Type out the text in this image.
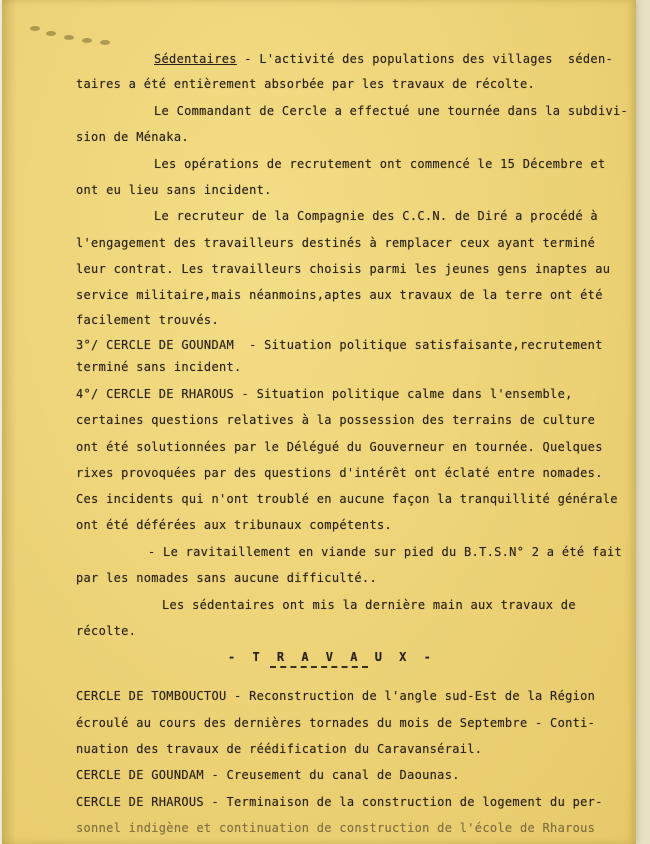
Sédentaires - L'activité des populations des villages  séden-
taires a été entièrement absorbée par les travaux de récolte.
Le Commandant de Cercle a effectué une tournée dans la subdivi-
sion de Ménaka.
Les opérations de recrutement ont commencé le 15 Décembre et
ont eu lieu sans incident.
Le recruteur de la Compagnie des C.C.N. de Diré a procédé à
l'engagement des travailleurs destinés à remplacer ceux ayant terminé
leur contrat. Les travailleurs choisis parmi les jeunes gens inaptes au
service militaire,mais néanmoins,aptes aux travaux de la terre ont été
facilement trouvés.
3°/ CERCLE DE GOUNDAM  - Situation politique satisfaisante,recrutement
terminé sans incident.
4°/ CERCLE DE RHAROUS - Situation politique calme dans l'ensemble,
certaines questions relatives à la possession des terrains de culture
ont été solutionnées par le Délégué du Gouverneur en tournée. Quelques
rixes provoquées par des questions d'intérêt ont éclaté entre nomades.
Ces incidents qui n'ont troublé en aucune façon la tranquillité générale
ont été déférées aux tribunaux compétents.
- Le ravitaillement en viande sur pied du B.T.S.N° 2 a été fait
par les nomades sans aucune difficulté..
Les sédentaires ont mis la dernière main aux travaux de
récolte.
- T R A V A U X -
CERCLE DE TOMBOUCTOU - Reconstruction de l'angle sud-Est de la Région
écroulé au cours des dernières tornades du mois de Septembre - Conti-
nuation des travaux de réédification du Caravansérail.
CERCLE DE GOUNDAM - Creusement du canal de Daounas.
CERCLE DE RHAROUS - Terminaison de la construction de logement du per-
sonnel indigène et continuation de construction de l'école de Rharous
